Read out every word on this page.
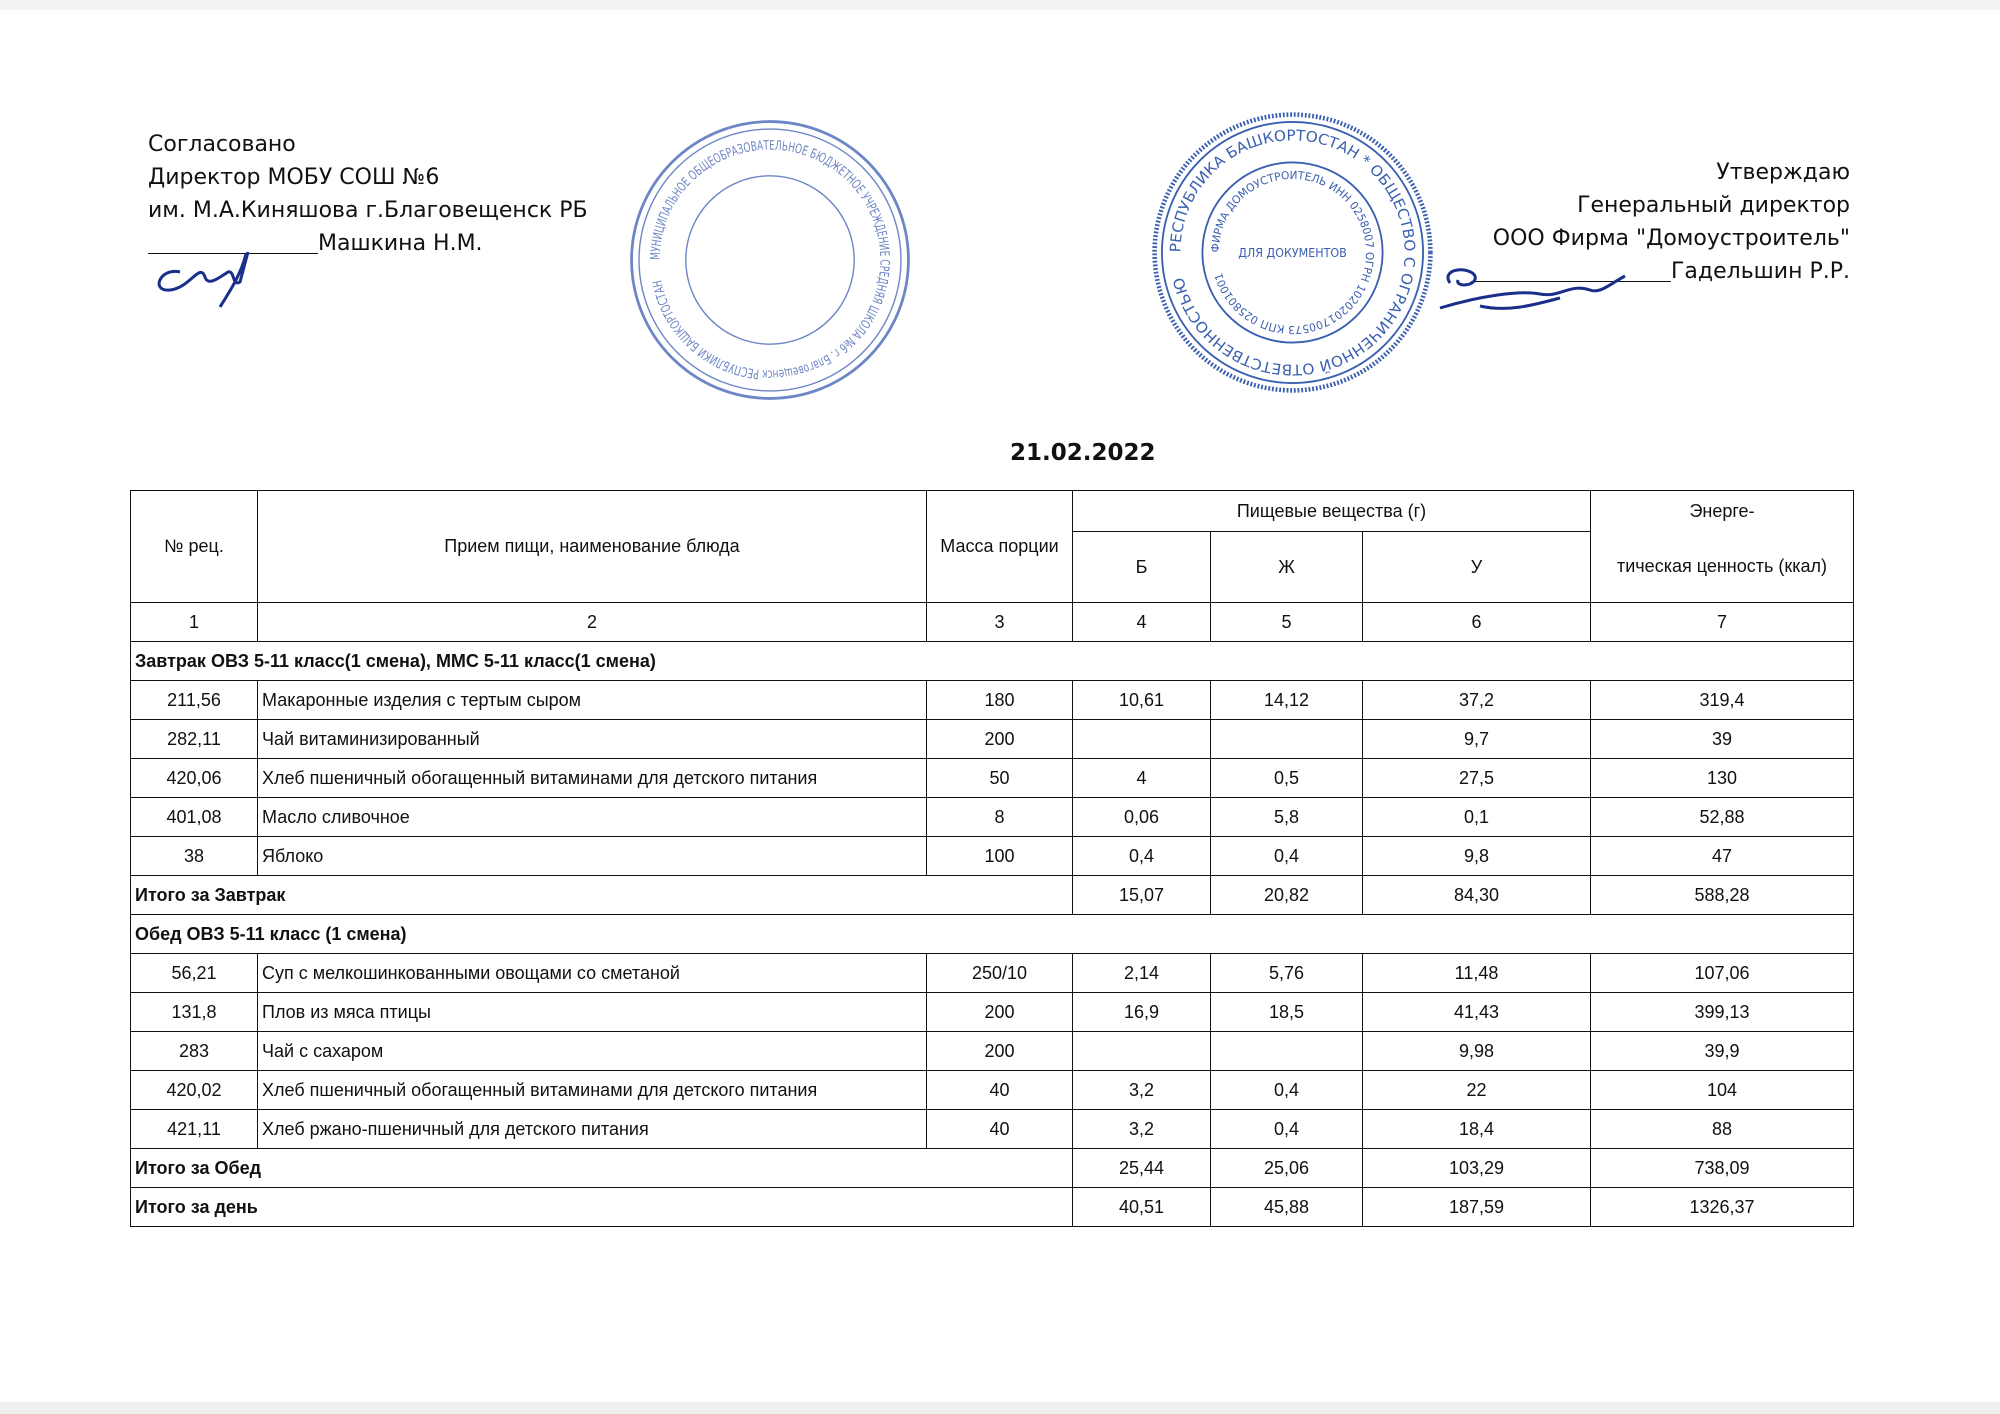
Согласовано
Директор МОБУ СОШ №6
им. М.А.Киняшова г.Благовещенск РБ
Машкина Н.М.
Утверждаю
Генеральный директор
ООО Фирма "Домоустроитель"
Гадельшин Р.Р.
21.02.2022
МУНИЦИПАЛЬНОЕ ОБЩЕОБРАЗОВАТЕЛЬНОЕ БЮДЖЕТНОЕ УЧРЕЖДЕНИЕ СРЕДНЯЯ ШКОЛА №6 г. Благовещенск РЕСПУБЛИКИ БАШКОРТОСТАН
РЕСПУБЛИКА БАШКОРТОСТАН * ОБЩЕСТВО С ОГРАНИЧЕННОЙ ОТВЕТСТВЕННОСТЬЮ
ФИРМА ДОМОУСТРОИТЕЛЬ ИНН 0258007 ОГРН 1020201700573 КПП 025801001
ДЛЯ ДОКУМЕНТОВ
№ рец.	Прием пищи, наименование блюда	Масса порции	Пищевые вещества (г)			Энерге-
			Б	Ж	У	тическая ценность (ккал)
1	2	3	4	5	6	7
Завтрак ОВЗ 5-11 класс(1 смена), ММС 5-11 класс(1 смена)						
211,56	Макаронные изделия с тертым сыром	180	10,61	14,12	37,2	319,4
282,11	Чай витаминизированный	200			9,7	39
420,06	Хлеб пшеничный обогащенный витаминами для детского питания	50	4	0,5	27,5	130
401,08	Масло сливочное	8	0,06	5,8	0,1	52,88
38	Яблоко	100	0,4	0,4	9,8	47
Итого за Завтрак			15,07	20,82	84,30	588,28
Обед ОВЗ 5-11 класс (1 смена)						
56,21	Суп с мелкошинкованными овощами со сметаной	250/10	2,14	5,76	11,48	107,06
131,8	Плов из мяса птицы	200	16,9	18,5	41,43	399,13
283	Чай с сахаром	200			9,98	39,9
420,02	Хлеб пшеничный обогащенный витаминами для детского питания	40	3,2	0,4	22	104
421,11	Хлеб ржано-пшеничный для детского питания	40	3,2	0,4	18,4	88
Итого за Обед			25,44	25,06	103,29	738,09
Итого за день			40,51	45,88	187,59	1326,37
